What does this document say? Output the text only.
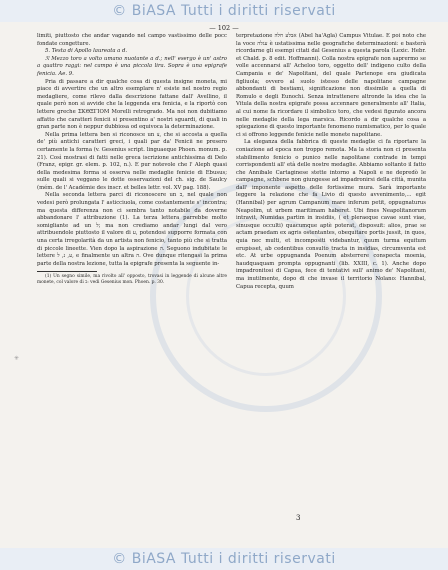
© BiASA Tutti i diritti riservati
— 102 —

limiti, piuttosto che andar vagando nel campo vastissimo delle pocc fondate congetture.

5. Testa di Apollo laureata a d.

ℛ Mezzo toro a volto umano nuotante a d.; nell' esergo è un' astro a quattro raggi: nel campo è una piccola lira. Sopra è una epigrafe fenicia. Ae. 9.

Pria di passare a dir qualche cosa di questa insigne moneta, mi piace di avvertire che un altro esemplare n' esiste nel nostro regio medagliere, come rilevo dalla descrizione fattane dall' Avellino, il quale però non si avvide che la leggenda era fenicia, e la riportò con lettere greche ΣΚΘΞΓΙΟΜ Morelli retrogrado. Ma noi non dubitiamo affatto che caratteri fenicii si presentino a' nostri sguardi, di quali in gran parte non è neppur dubbiosa od equivoca la determinazione.

Nella prima lettera ben si riconosce un צ, che si accosta a quella de' più antichi caratteri greci, i quali par da' Fenicii ne presero certamente la forma (v. Gesenius script. linguaeque Phoen. monum. p. 21). Così mostrasi di fatti nelle greca iscrizione antichissima di Delo (Franz, epigr. gr. elem. p. 102, n.). E pur notevole che l' Aleph quasi della medesima forma si osserva nelle medaglie fenicie di Ebusus; sulle quali si veggano le dotte osservazioni del ch. sig. de Saulcy (mém. de l' Académie des inscr. et belles lettr. vol. XV pag. 188).

Nella seconda lettera parci di riconoscere un ב, nel quale non vedesi però prolungata l' asticciuola, come costantemente s' incontra; ma questa differenza non ci sembra tanto notabile da doverne abbandonare l' attribuzione (1). La terza lettera parrebbe molto somigliante ad un ל; ma non crediamo andar lungi dal vero attribuendole piuttosto il valore di ע, potendosi supporre formata con una certa irregolarità da un artista non fenicio, tanto più che si tratta di piccole lineette. Vien dopo la aspirazione ה. Seguono indubitate le lettere ע, נ, ל, e finalmente un altra ה. Ove dunque ritengasi la prima parte della nostra lezione, tutta la epigrafe presenta la seguente in-

(1) Un segno simile, ma rivolto all' opposto, trovasi in leggende di alcune altre monete, col valore di ב: vedi Gesenius mon. Phoen. p. 30.

terpretazione אבלע חלה (Abel ha'Agla) Campus Vitulae. E poi noto che la voce עגלה è ustatissima nelle geografiche determinazioni: e basterà ricordarne gli esempi citati dal Gesenius a questa parola (Lexic. Hebr. et Chald. p. 8 edit. Hoffmanni). Colla nostra epigrafe non saprermo se volle accennarsi all' Acheloo toro, oggetto dell' indigeno culto della Campania e de' Napolitani, del quale Partenope era giudicata figliuola; ovvero al suolo istesso delle napolitane campagne abbondanti di bestiami, significazione non dissimile a quella di Romulo e degli Eunochi. Senza intrattenere altronde la idea che la Vitula della nostra epigrafe possa accennare generalmente all' Italia, al cui nome fa ricordare il simbolico toro, che vedesi figurato ancora nelle medaglie della lega marsica. Ricordo a dir qualche cosa a spiegazione di questo importante fenomeno numismatico, per lo quale ci si offrono leggende fenicie nelle monete napolitane.

La eleganza della fabbrica di queste medaglie ci fa riportare la coniazione ad epoca non troppo remota. Ma la storia non ci presenta stabilimento fenicio o punico nelle napolitane contrade in tempi corrispondenti all' età delle nostre medaglie. Abbiamo soltanto il fatto che Annibale Cartaginese stette intorno a Napoli e ne depredò le campagne, schbene non giungesse ad impadronirsi della città, munita dall' imponente aspetto delle fortissime mura. Sarà importante leggere la relazione che fa Livio di questo avvenimento,... egit (Hannibal) per agrum Campanum mare inferum petit, oppugnaturus Neapolim, ut urbem maritimam haberet. Ubi fines Neapolitanorum intravit, Numidas partim in insidiis, ( et pleraeque cavae sunt viae, sinusque occulti) quacumque aptè poterat, disposuit: alios, prae se actam praedam ex agris ostentantes, obequitare portis jussit, in quos, quia nec multi, et incompositi videbantur, quum turma equitum erupisset, ab cedentibus consulto tracta in insidias, circumventa est etc. At urbe oppugnanda Poenum absterrere conspecta moenia, haudquaquam prompta oppugnanti (lib. XXIII, c. 1). Anche dopo impadronitosi di Capua, fece di tentativi sull' animo de' Napolitani, ma inutilmente, dopo di che invase il territorio Nolano: Hannibal, Capua recepta, quum

✳
3
© BiASA Tutti i diritti riservati
